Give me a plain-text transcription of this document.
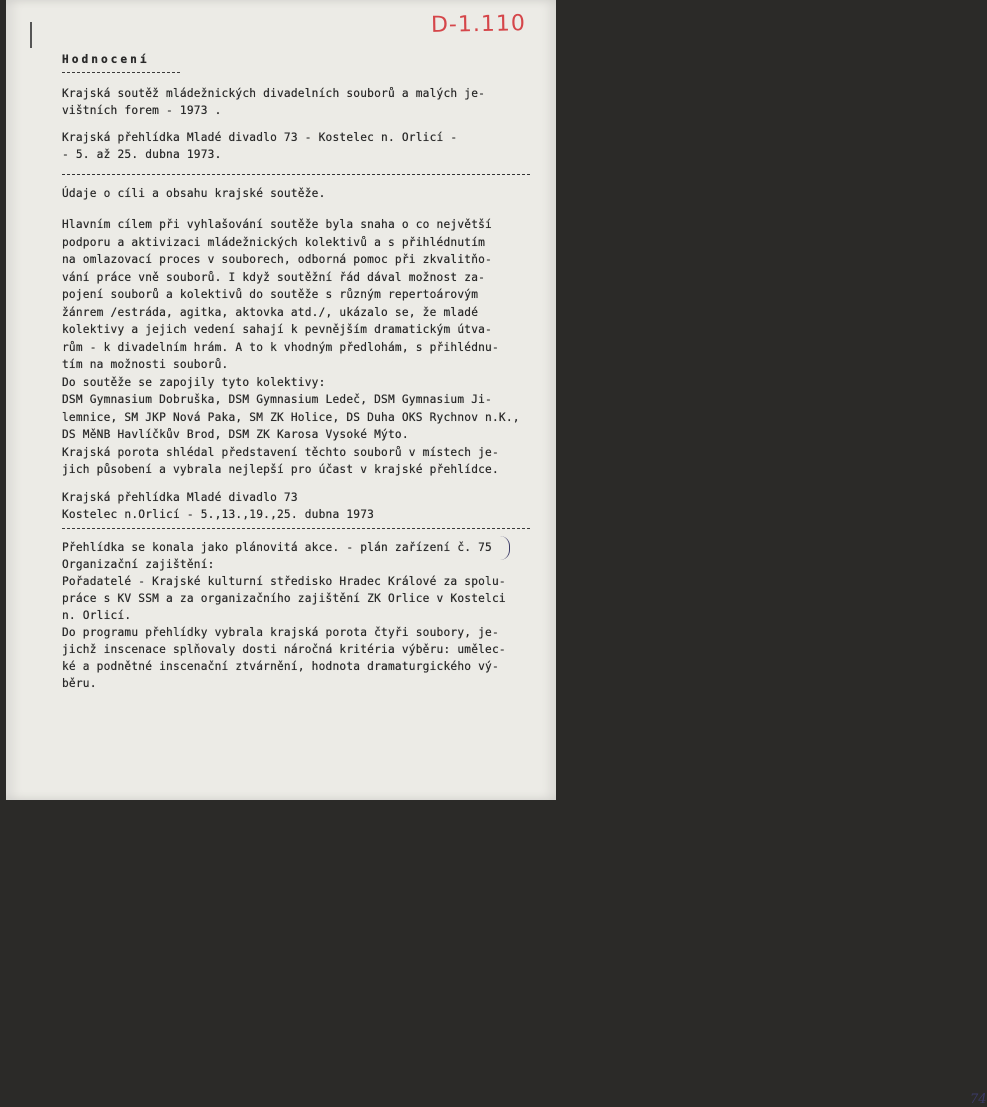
D-1.110
Hodnocení

Krajská soutěž mládežnických divadelních souborů a malých je-

vištních forem - 1973 .

Krajská přehlídka Mladé divadlo 73 - Kostelec n. Orlicí -

- 5. až 25. dubna 1973.

Údaje o cíli a obsahu krajské soutěže.

Hlavním cílem při vyhlašování soutěže byla snaha o co největší

podporu a aktivizaci mládežnických kolektivů a s přihlédnutím

na omlazovací proces v souborech, odborná pomoc při zkvalitňo-

vání práce vně souborů. I když soutěžní řád dával možnost za-

pojení souborů a kolektivů do soutěže s různým repertoárovým

žánrem /estráda, agitka, aktovka atd./, ukázalo se, že mladé

kolektivy a jejich vedení sahají k pevnějším dramatickým útva-

rům - k divadelním hrám. A to k vhodným předlohám, s přihlédnu-

tím na možnosti souborů.

Do soutěže se zapojily tyto kolektivy:

DSM Gymnasium Dobruška, DSM Gymnasium Ledeč, DSM Gymnasium Ji-

lemnice, SM JKP Nová Paka, SM ZK Holice, DS Duha OKS Rychnov n.K.,

DS MěNB Havlíčkův Brod, DSM ZK Karosa Vysoké Mýto.

Krajská porota shlédal představení těchto souborů v místech je-

jich působení a vybrala nejlepší pro účast v krajské přehlídce.

Krajská přehlídka Mladé divadlo 73

Kostelec n.Orlicí - 5.,13.,19.,25. dubna 1973

Přehlídka se konala jako plánovitá akce. - plán zařízení č. 75

Organizační zajištění:

Pořadatelé - Krajské kulturní středisko Hradec Králové za spolu-

práce s KV SSM a za organizačního zajištění ZK Orlice v Kostelci

n. Orlicí.

Do programu přehlídky vybrala krajská porota čtyři soubory, je-

jichž inscenace splňovaly dosti náročná kritéria výběru: umělec-

ké a podnětné inscenační ztvárnění, hodnota dramaturgického vý-

běru.

74
